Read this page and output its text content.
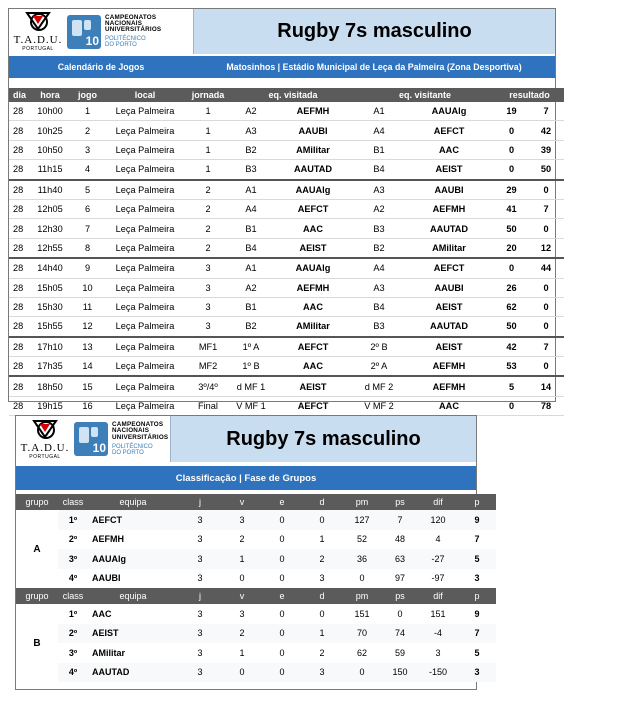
T.A.D.U.
PORTUGAL
10
CAMPEONATOS
NACIONAIS
UNIVERSITÁRIOS
POLITÉCNICO
DO PORTO
Rugby 7s masculino
Calendário de Jogos	Matosinhos | Estádio Municipal de Leça da Palmeira (Zona Desportiva)
dia	hora	jogo	local	jornada	eq. visitada		eq. visitante		resultado	
28	10h00	1	Leça Palmeira	1	A2	AEFMH	A1	AAUAlg	19	7
28	10h25	2	Leça Palmeira	1	A3	AAUBI	A4	AEFCT	0	42
28	10h50	3	Leça Palmeira	1	B2	AMilitar	B1	AAC	0	39
28	11h15	4	Leça Palmeira	1	B3	AAUTAD	B4	AEIST	0	50
28	11h40	5	Leça Palmeira	2	A1	AAUAlg	A3	AAUBI	29	0
28	12h05	6	Leça Palmeira	2	A4	AEFCT	A2	AEFMH	41	7
28	12h30	7	Leça Palmeira	2	B1	AAC	B3	AAUTAD	50	0
28	12h55	8	Leça Palmeira	2	B4	AEIST	B2	AMilitar	20	12
28	14h40	9	Leça Palmeira	3	A1	AAUAlg	A4	AEFCT	0	44
28	15h05	10	Leça Palmeira	3	A2	AEFMH	A3	AAUBI	26	0
28	15h30	11	Leça Palmeira	3	B1	AAC	B4	AEIST	62	0
28	15h55	12	Leça Palmeira	3	B2	AMilitar	B3	AAUTAD	50	0
28	17h10	13	Leça Palmeira	MF1	1º A	AEFCT	2º B	AEIST	42	7
28	17h35	14	Leça Palmeira	MF2	1º B	AAC	2º A	AEFMH	53	0
28	18h50	15	Leça Palmeira	3º/4º	d MF 1	AEIST	d MF 2	AEFMH	5	14
28	19h15	16	Leça Palmeira	Final	V MF 1	AEFCT	V MF 2	AAC	0	78
T.A.D.U.
PORTUGAL
10
CAMPEONATOS
NACIONAIS
UNIVERSITÁRIOS
POLITÉCNICO
DO PORTO
Rugby 7s masculino
Classificação | Fase de Grupos
grupo	class	equipa	j	v	e	d	pm	ps	dif	p
A	1º	AEFCT	3	3	0	0	127	7	120	9
	2º	AEFMH	3	2	0	1	52	48	4	7
	3º	AAUAlg	3	1	0	2	36	63	-27	5
	4º	AAUBI	3	0	0	3	0	97	-97	3
grupo	class	equipa	j	v	e	d	pm	ps	dif	p
B	1º	AAC	3	3	0	0	151	0	151	9
	2º	AEIST	3	2	0	1	70	74	-4	7
	3º	AMilitar	3	1	0	2	62	59	3	5
	4º	AAUTAD	3	0	0	3	0	150	-150	3
